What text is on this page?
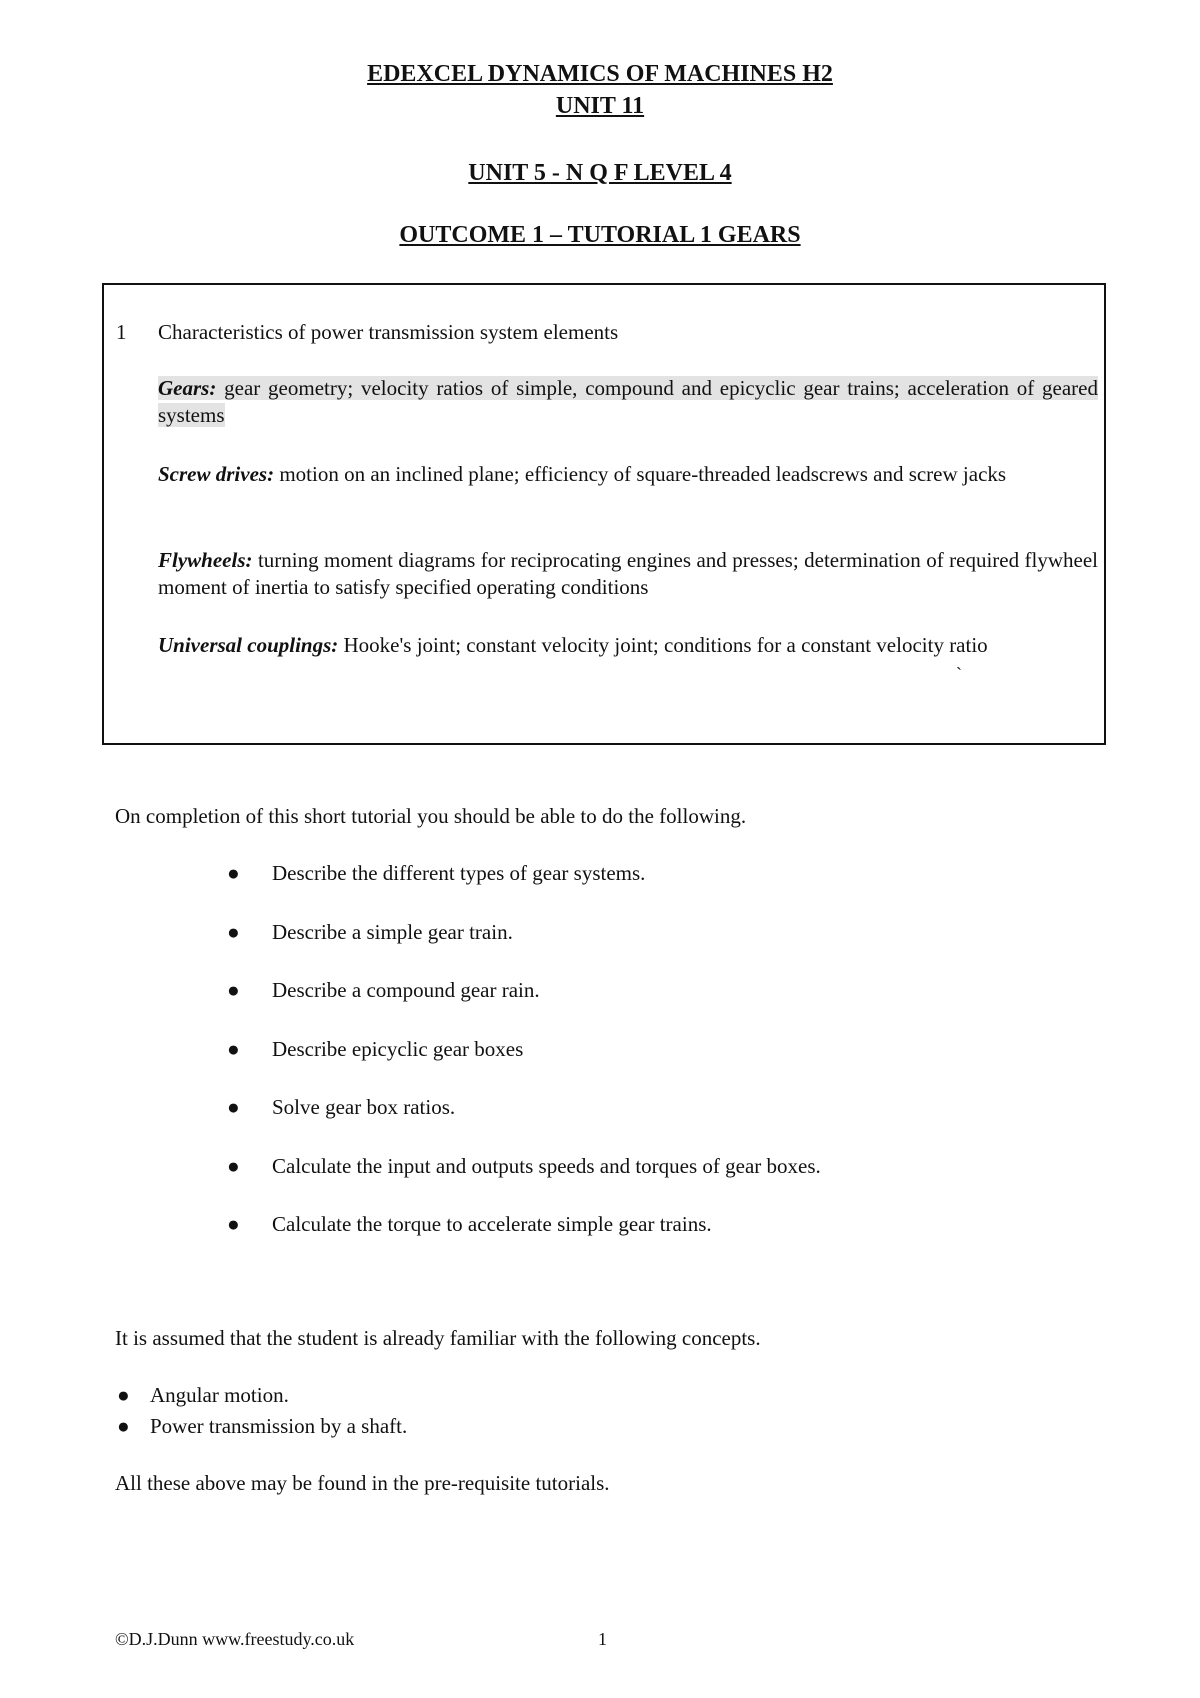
EDEXCEL DYNAMICS OF MACHINES H2

UNIT 11

UNIT 5 - N Q F LEVEL 4

OUTCOME 1 – TUTORIAL 1 GEARS

1 Characteristics of power transmission system elements

Gears: gear geometry; velocity ratios of simple, compound and epicyclic gear trains; acceleration of geared systems

Screw drives: motion on an inclined plane; efficiency of square-threaded leadscrews and screw jacks

Flywheels: turning moment diagrams for reciprocating engines and presses; determination of required flywheel moment of inertia to satisfy specified operating conditions

Universal couplings: Hooke's joint; constant velocity joint; conditions for a constant velocity ratio

`

On completion of this short tutorial you should be able to do the following.

● Describe the different types of gear systems.
● Describe a simple gear train.
● Describe a compound gear rain.
● Describe epicyclic gear boxes
● Solve gear box ratios.
● Calculate the input and outputs speeds and torques of gear boxes.
● Calculate the torque to accelerate simple gear trains.

It is assumed that the student is already familiar with the following concepts.

● Angular motion.
● Power transmission by a shaft.

All these above may be found in the pre-requisite tutorials.

©D.J.Dunn www.freestudy.co.uk	1
